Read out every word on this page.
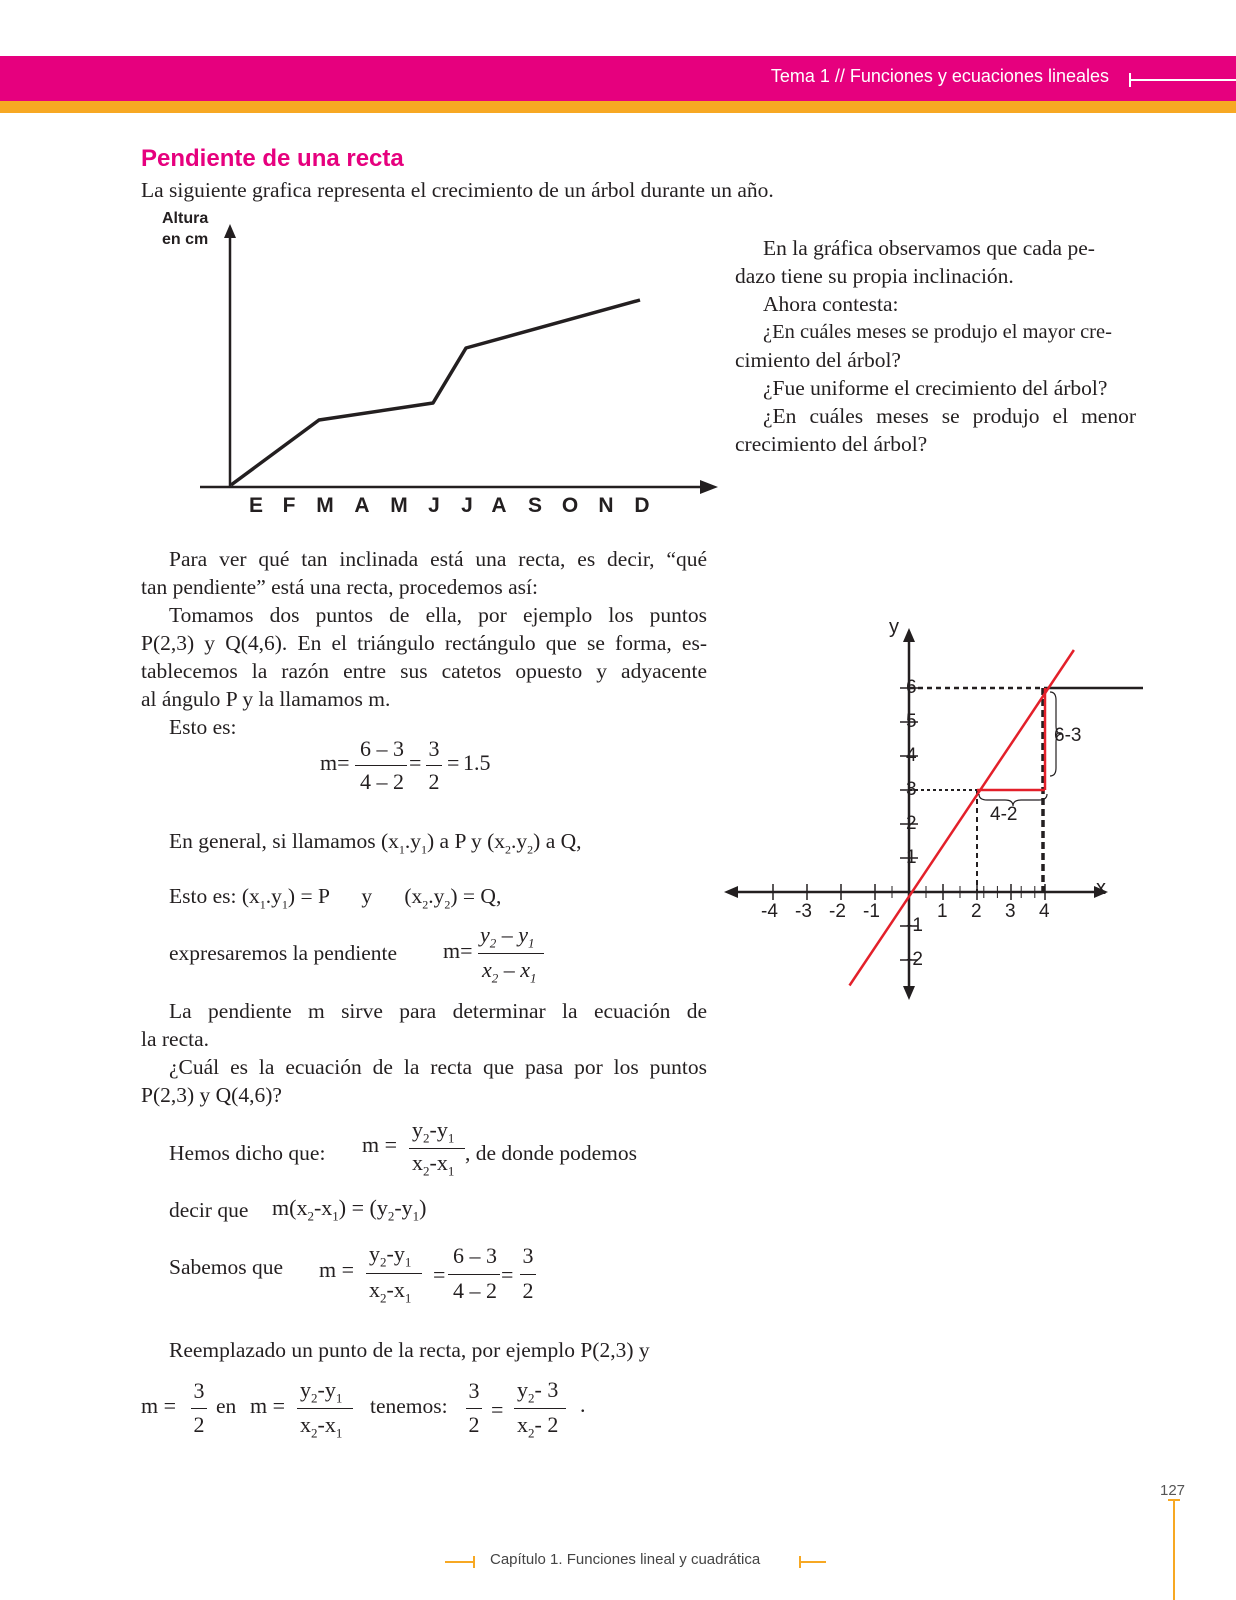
Tema 1 // Funciones y ecuaciones lineales
Pendiente de una recta
La siguiente grafica representa el crecimiento de un árbol durante un año.
Altura
en cm
E F M A M J J A S O N D
En la gráfica observamos que cada pe-
dazo tiene su propia inclinación.
Ahora contesta:
¿En cuáles meses se produjo el mayor cre-
cimiento del árbol?
¿Fue uniforme el crecimiento del árbol?
¿En cuáles meses se produjo el menor
crecimiento del árbol?
Para ver qué tan inclinada está una recta, es decir, “qué
tan pendiente” está una recta, procedemos así:
Tomamos dos puntos de ella, por ejemplo los puntos
P(2,3) y Q(4,6). En el triángulo rectángulo que se forma, es-
tablecemos la razón entre sus catetos opuesto y adyacente
al ángulo P y la llamamos m.
Esto es:
m=
6 – 3
4 – 2
=
3
2
= 1.5
En general, si llamamos $(x_1.y_1)$ a P y $(x_2.y_2)$ a Q,
Esto es: $(x_1.y_1) = P$      y      $(x_2.y_2) = Q$,
expresaremos la pendiente m=
$y_2 - y_1$
$x_2 - x_1$
La pendiente m sirve para determinar la ecuación de
la recta.
¿Cuál es la ecuación de la recta que pasa por los puntos
P(2,3) y Q(4,6)?
Hemos dicho que: m =
$y_2-y_1$
$x_2-x_1$
, de donde podemos
decir que $m(x_2-x_1) = (y_2-y_1)$
Sabemos que m =
$y_2-y_1$
$x_2-x_1$
=
6 – 3
4 – 2
=
3
2
Reemplazado un punto de la recta, por ejemplo P(2,3) y
m =
3
2
en m =
$y_2-y_1$
$x_2-x_1$
tenemos:
3
2
=
$y_2-$ 3
$x_2-$ 2
.
-4 -3 -2 -1	1 2 3 4
6
5
4
3
2
1
-1
-2
x
y
6-3
4-2
127
Capítulo 1. Funciones lineal y cuadrática
